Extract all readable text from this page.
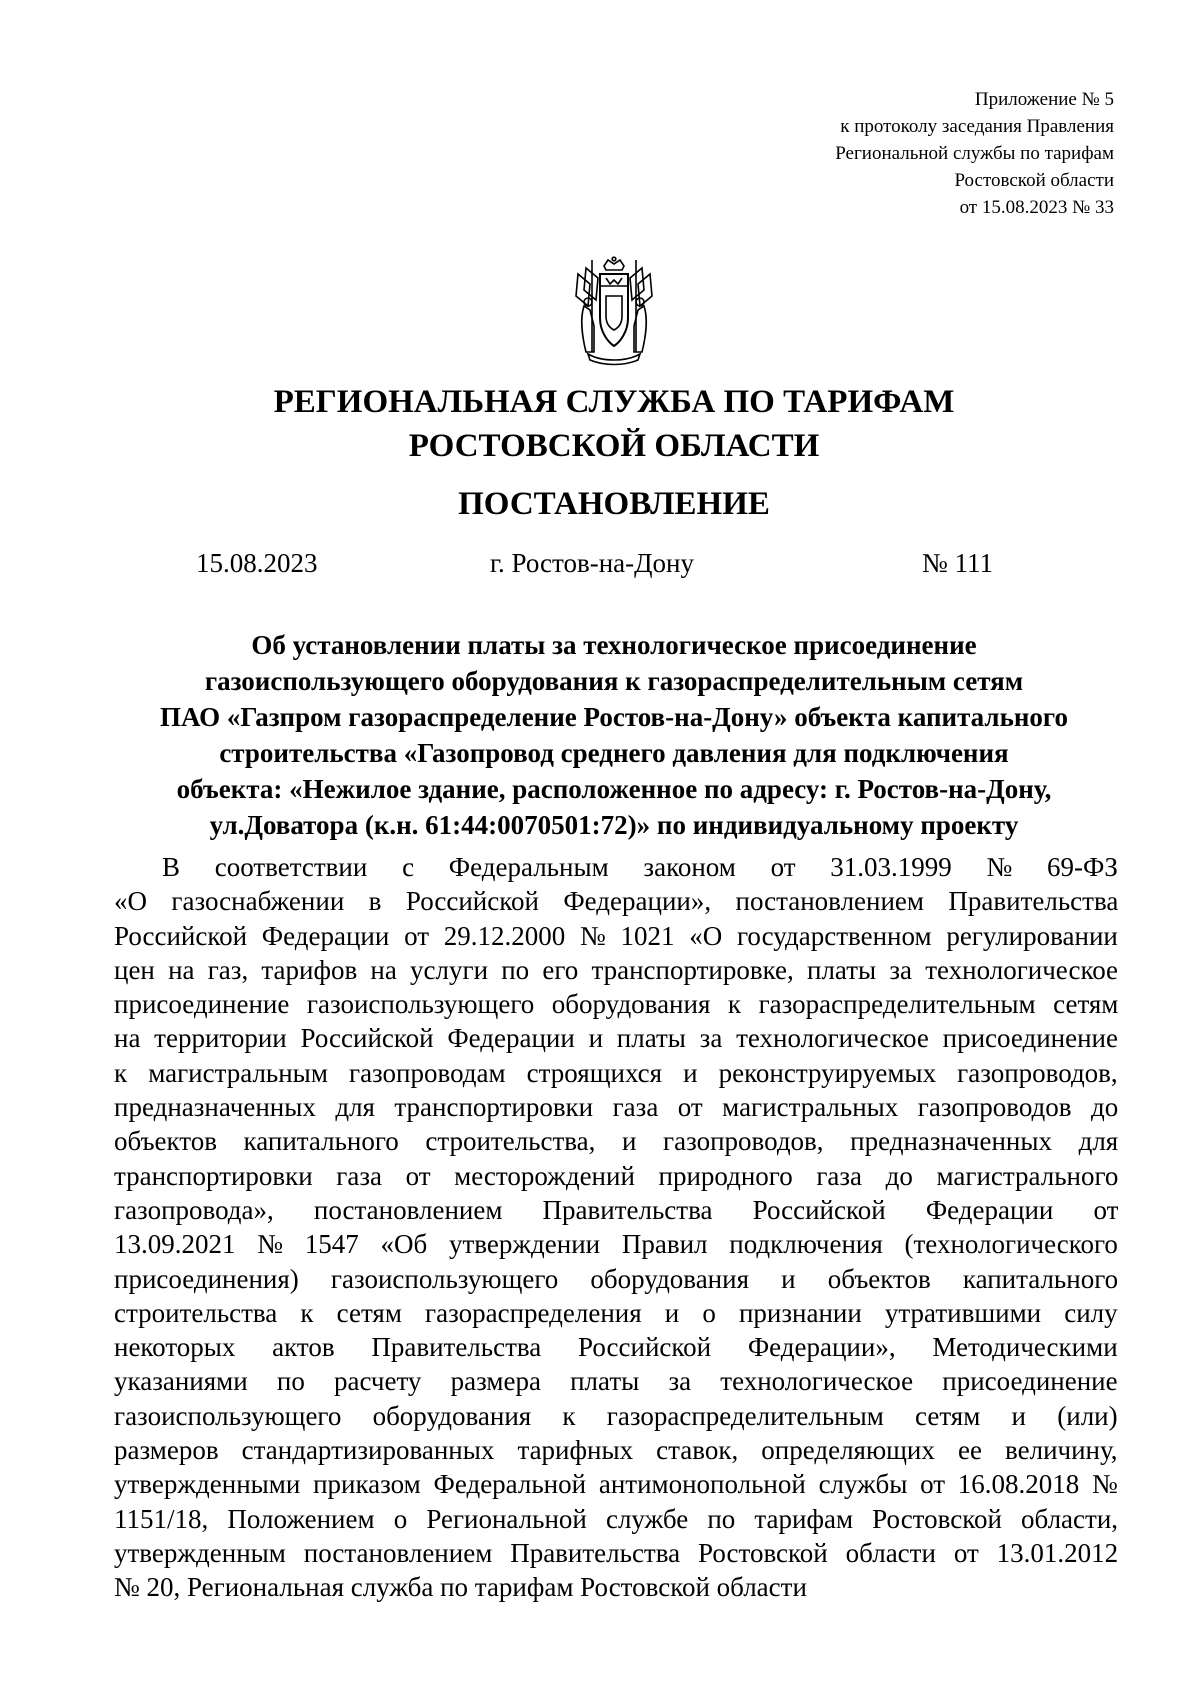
Приложение № 5
к протоколу заседания Правления
Региональной службы по тарифам
Ростовской области
от 15.08.2023 № 33
РЕГИОНАЛЬНАЯ СЛУЖБА ПО ТАРИФАМ
РОСТОВСКОЙ ОБЛАСТИ
ПОСТАНОВЛЕНИЕ
15.08.2023	г. Ростов-на-Дону	№ 111
Об установлении платы за технологическое присоединение
газоиспользующего оборудования к газораспределительным сетям
ПАО «Газпром газораспределение Ростов-на-Дону» объекта капитального
строительства «Газопровод среднего давления для подключения
объекта: «Нежилое здание, расположенное по адресу: г. Ростов-на-Дону,
ул.Доватора (к.н. 61:44:0070501:72)» по индивидуальному проекту
В соответствии с Федеральным законом от 31.03.1999 № 69-ФЗ
«О газоснабжении в Российской Федерации», постановлением Правительства
Российской Федерации от 29.12.2000 № 1021 «О государственном регулировании
цен на газ, тарифов на услуги по его транспортировке, платы за технологическое
присоединение газоиспользующего оборудования к газораспределительным сетям
на территории Российской Федерации и платы за технологическое присоединение
к магистральным газопроводам строящихся и реконструируемых газопроводов,
предназначенных для транспортировки газа от магистральных газопроводов до
объектов капитального строительства, и газопроводов, предназначенных для
транспортировки газа от месторождений природного газа до магистрального
газопровода», постановлением Правительства Российской Федерации от
13.09.2021 № 1547 «Об утверждении Правил подключения (технологического
присоединения) газоиспользующего оборудования и объектов капитального
строительства к сетям газораспределения и о признании утратившими силу
некоторых актов Правительства Российской Федерации», Методическими
указаниями по расчету размера платы за технологическое присоединение
газоиспользующего оборудования к газораспределительным сетям и (или)
размеров стандартизированных тарифных ставок, определяющих ее величину,
утвержденными приказом Федеральной антимонопольной службы от 16.08.2018 №
1151/18, Положением о Региональной службе по тарифам Ростовской области,
утвержденным постановлением Правительства Ростовской области от 13.01.2012
№ 20, Региональная служба по тарифам Ростовской области
